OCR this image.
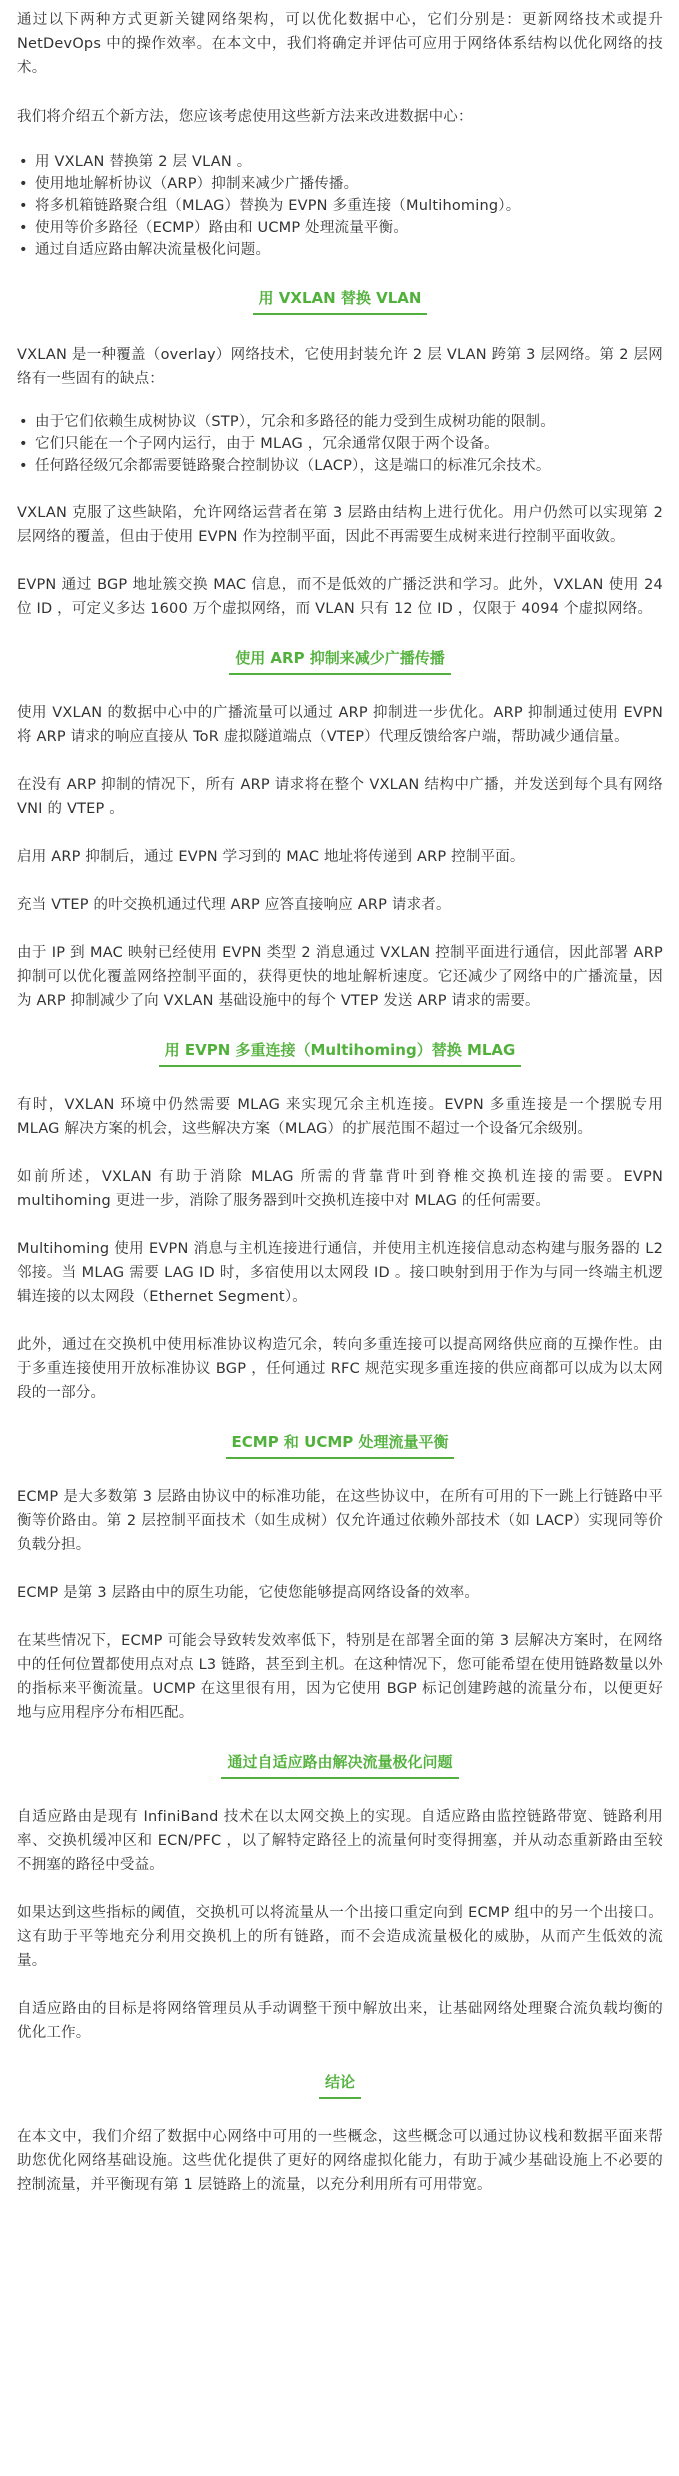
通过以下两种方式更新关键网络架构，可以优化数据中心，它们分别是：更新网络技术或提升 NetDevOps 中的操作效率。在本文中，我们将确定并评估可应用于网络体系结构以优化网络的技术。

我们将介绍五个新方法，您应该考虑使用这些新方法来改进数据中心：

• 用 VXLAN 替换第 2 层 VLAN 。
• 使用地址解析协议（ARP）抑制来减少广播传播。
• 将多机箱链路聚合组（MLAG）替换为 EVPN 多重连接（Multihoming）。
• 使用等价多路径（ECMP）路由和 UCMP 处理流量平衡。
• 通过自适应路由解决流量极化问题。
用 VXLAN 替换 VLAN

VXLAN 是一种覆盖（overlay）网络技术，它使用封装允许 2 层 VLAN 跨第 3 层网络。第 2 层网络有一些固有的缺点：

• 由于它们依赖生成树协议（STP），冗余和多路径的能力受到生成树功能的限制。
• 它们只能在一个子网内运行，由于 MLAG ，冗余通常仅限于两个设备。
• 任何路径级冗余都需要链路聚合控制协议（LACP），这是端口的标准冗余技术。

VXLAN 克服了这些缺陷，允许网络运营者在第 3 层路由结构上进行优化。用户仍然可以实现第 2 层网络的覆盖，但由于使用 EVPN 作为控制平面，因此不再需要生成树来进行控制平面收敛。

EVPN 通过 BGP 地址簇交换 MAC 信息，而不是低效的广播泛洪和学习。此外，VXLAN 使用 24 位 ID ，可定义多达 1600 万个虚拟网络，而 VLAN 只有 12 位 ID ，仅限于 4094 个虚拟网络。

使用 ARP 抑制来减少广播传播

使用 VXLAN 的数据中心中的广播流量可以通过 ARP 抑制进一步优化。ARP 抑制通过使用 EVPN 将 ARP 请求的响应直接从 ToR 虚拟隧道端点（VTEP）代理反馈给客户端，帮助减少通信量。

在没有 ARP 抑制的情况下，所有 ARP 请求将在整个 VXLAN 结构中广播，并发送到每个具有网络 VNI 的 VTEP 。

启用 ARP 抑制后，通过 EVPN 学习到的 MAC 地址将传递到 ARP 控制平面。

充当 VTEP 的叶交换机通过代理 ARP 应答直接响应 ARP 请求者。

由于 IP 到 MAC 映射已经使用 EVPN 类型 2 消息通过 VXLAN 控制平面进行通信，因此部署 ARP 抑制可以优化覆盖网络控制平面的，获得更快的地址解析速度。它还减少了网络中的广播流量，因为 ARP 抑制减少了向 VXLAN 基础设施中的每个 VTEP 发送 ARP 请求的需要。

用 EVPN 多重连接（Multihoming）替换 MLAG

有时，VXLAN 环境中仍然需要 MLAG 来实现冗余主机连接。EVPN 多重连接是一个摆脱专用 MLAG 解决方案的机会，这些解决方案（MLAG）的扩展范围不超过一个设备冗余级别。

如前所述，VXLAN 有助于消除 MLAG 所需的背靠背叶到脊椎交换机连接的需要。EVPN multihoming 更进一步，消除了服务器到叶交换机连接中对 MLAG 的任何需要。

Multihoming 使用 EVPN 消息与主机连接进行通信，并使用主机连接信息动态构建与服务器的 L2 邻接。当 MLAG 需要 LAG ID 时，多宿使用以太网段 ID 。接口映射到用于作为与同一终端主机逻辑连接的以太网段（Ethernet Segment）。

此外，通过在交换机中使用标准协议构造冗余，转向多重连接可以提高网络供应商的互操作性。由于多重连接使用开放标准协议 BGP ，任何通过 RFC 规范实现多重连接的供应商都可以成为以太网段的一部分。

ECMP 和 UCMP 处理流量平衡

ECMP 是大多数第 3 层路由协议中的标准功能，在这些协议中，在所有可用的下一跳上行链路中平衡等价路由。第 2 层控制平面技术（如生成树）仅允许通过依赖外部技术（如 LACP）实现同等价负载分担。

ECMP 是第 3 层路由中的原生功能，它使您能够提高网络设备的效率。

在某些情况下，ECMP 可能会导致转发效率低下，特别是在部署全面的第 3 层解决方案时，在网络中的任何位置都使用点对点 L3 链路，甚至到主机。在这种情况下，您可能希望在使用链路数量以外的指标来平衡流量。UCMP 在这里很有用，因为它使用 BGP 标记创建跨越的流量分布，以便更好地与应用程序分布相匹配。

通过自适应路由解决流量极化问题

自适应路由是现有 InfiniBand 技术在以太网交换上的实现。自适应路由监控链路带宽、链路利用率、交换机缓冲区和 ECN/PFC ，以了解特定路径上的流量何时变得拥塞，并从动态重新路由至较不拥塞的路径中受益。

如果达到这些指标的阈值，交换机可以将流量从一个出接口重定向到 ECMP 组中的另一个出接口。这有助于平等地充分利用交换机上的所有链路，而不会造成流量极化的威胁，从而产生低效的流量。

自适应路由的目标是将网络管理员从手动调整干预中解放出来，让基础网络处理聚合流负载均衡的优化工作。

结论

在本文中，我们介绍了数据中心网络中可用的一些概念，这些概念可以通过协议栈和数据平面来帮助您优化网络基础设施。这些优化提供了更好的网络虚拟化能力，有助于减少基础设施上不必要的控制流量，并平衡现有第 1 层链路上的流量，以充分利用所有可用带宽。
